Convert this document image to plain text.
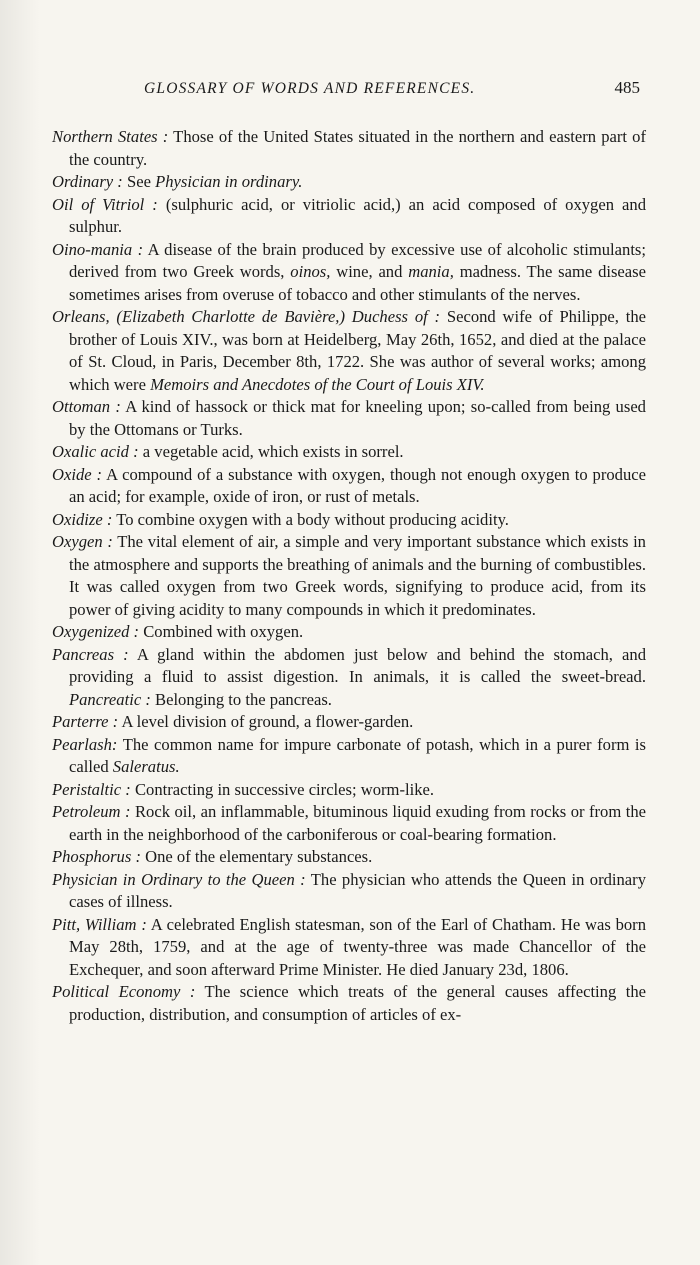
GLOSSARY OF WORDS AND REFERENCES.	485

Northern States : Those of the United States situated in the northern and eastern part of the country.

Ordinary : See Physician in ordinary.

Oil of Vitriol : (sulphuric acid, or vitriolic acid,) an acid composed of oxygen and sulphur.

Oino-mania : A disease of the brain produced by excessive use of alcoholic stimulants; derived from two Greek words, oinos, wine, and mania, madness. The same disease sometimes arises from overuse of tobacco and other stimulants of the nerves.

Orleans, (Elizabeth Charlotte de Bavière,) Duchess of : Second wife of Philippe, the brother of Louis XIV., was born at Heidelberg, May 26th, 1652, and died at the palace of St. Cloud, in Paris, December 8th, 1722. She was author of several works; among which were Memoirs and Anecdotes of the Court of Louis XIV.

Ottoman : A kind of hassock or thick mat for kneeling upon; so-called from being used by the Ottomans or Turks.

Oxalic acid : a vegetable acid, which exists in sorrel.

Oxide : A compound of a substance with oxygen, though not enough oxygen to produce an acid; for example, oxide of iron, or rust of metals.

Oxidize : To combine oxygen with a body without producing acidity.

Oxygen : The vital element of air, a simple and very important substance which exists in the atmosphere and supports the breathing of animals and the burning of combustibles. It was called oxygen from two Greek words, signifying to produce acid, from its power of giving acidity to many compounds in which it predominates.

Oxygenized : Combined with oxygen.

Pancreas : A gland within the abdomen just below and behind the stomach, and providing a fluid to assist digestion. In animals, it is called the sweet-bread. Pancreatic : Belonging to the pancreas.

Parterre : A level division of ground, a flower-garden.

Pearlash: The common name for impure carbonate of potash, which in a purer form is called Saleratus.

Peristaltic : Contracting in successive circles; worm-like.

Petroleum : Rock oil, an inflammable, bituminous liquid exuding from rocks or from the earth in the neighborhood of the carboniferous or coal-bearing formation.

Phosphorus : One of the elementary substances.

Physician in Ordinary to the Queen : The physician who attends the Queen in ordinary cases of illness.

Pitt, William : A celebrated English statesman, son of the Earl of Chatham. He was born May 28th, 1759, and at the age of twenty-three was made Chancellor of the Exchequer, and soon afterward Prime Minister. He died January 23d, 1806.

Political Economy : The science which treats of the general causes affecting the production, distribution, and consumption of articles of ex-
